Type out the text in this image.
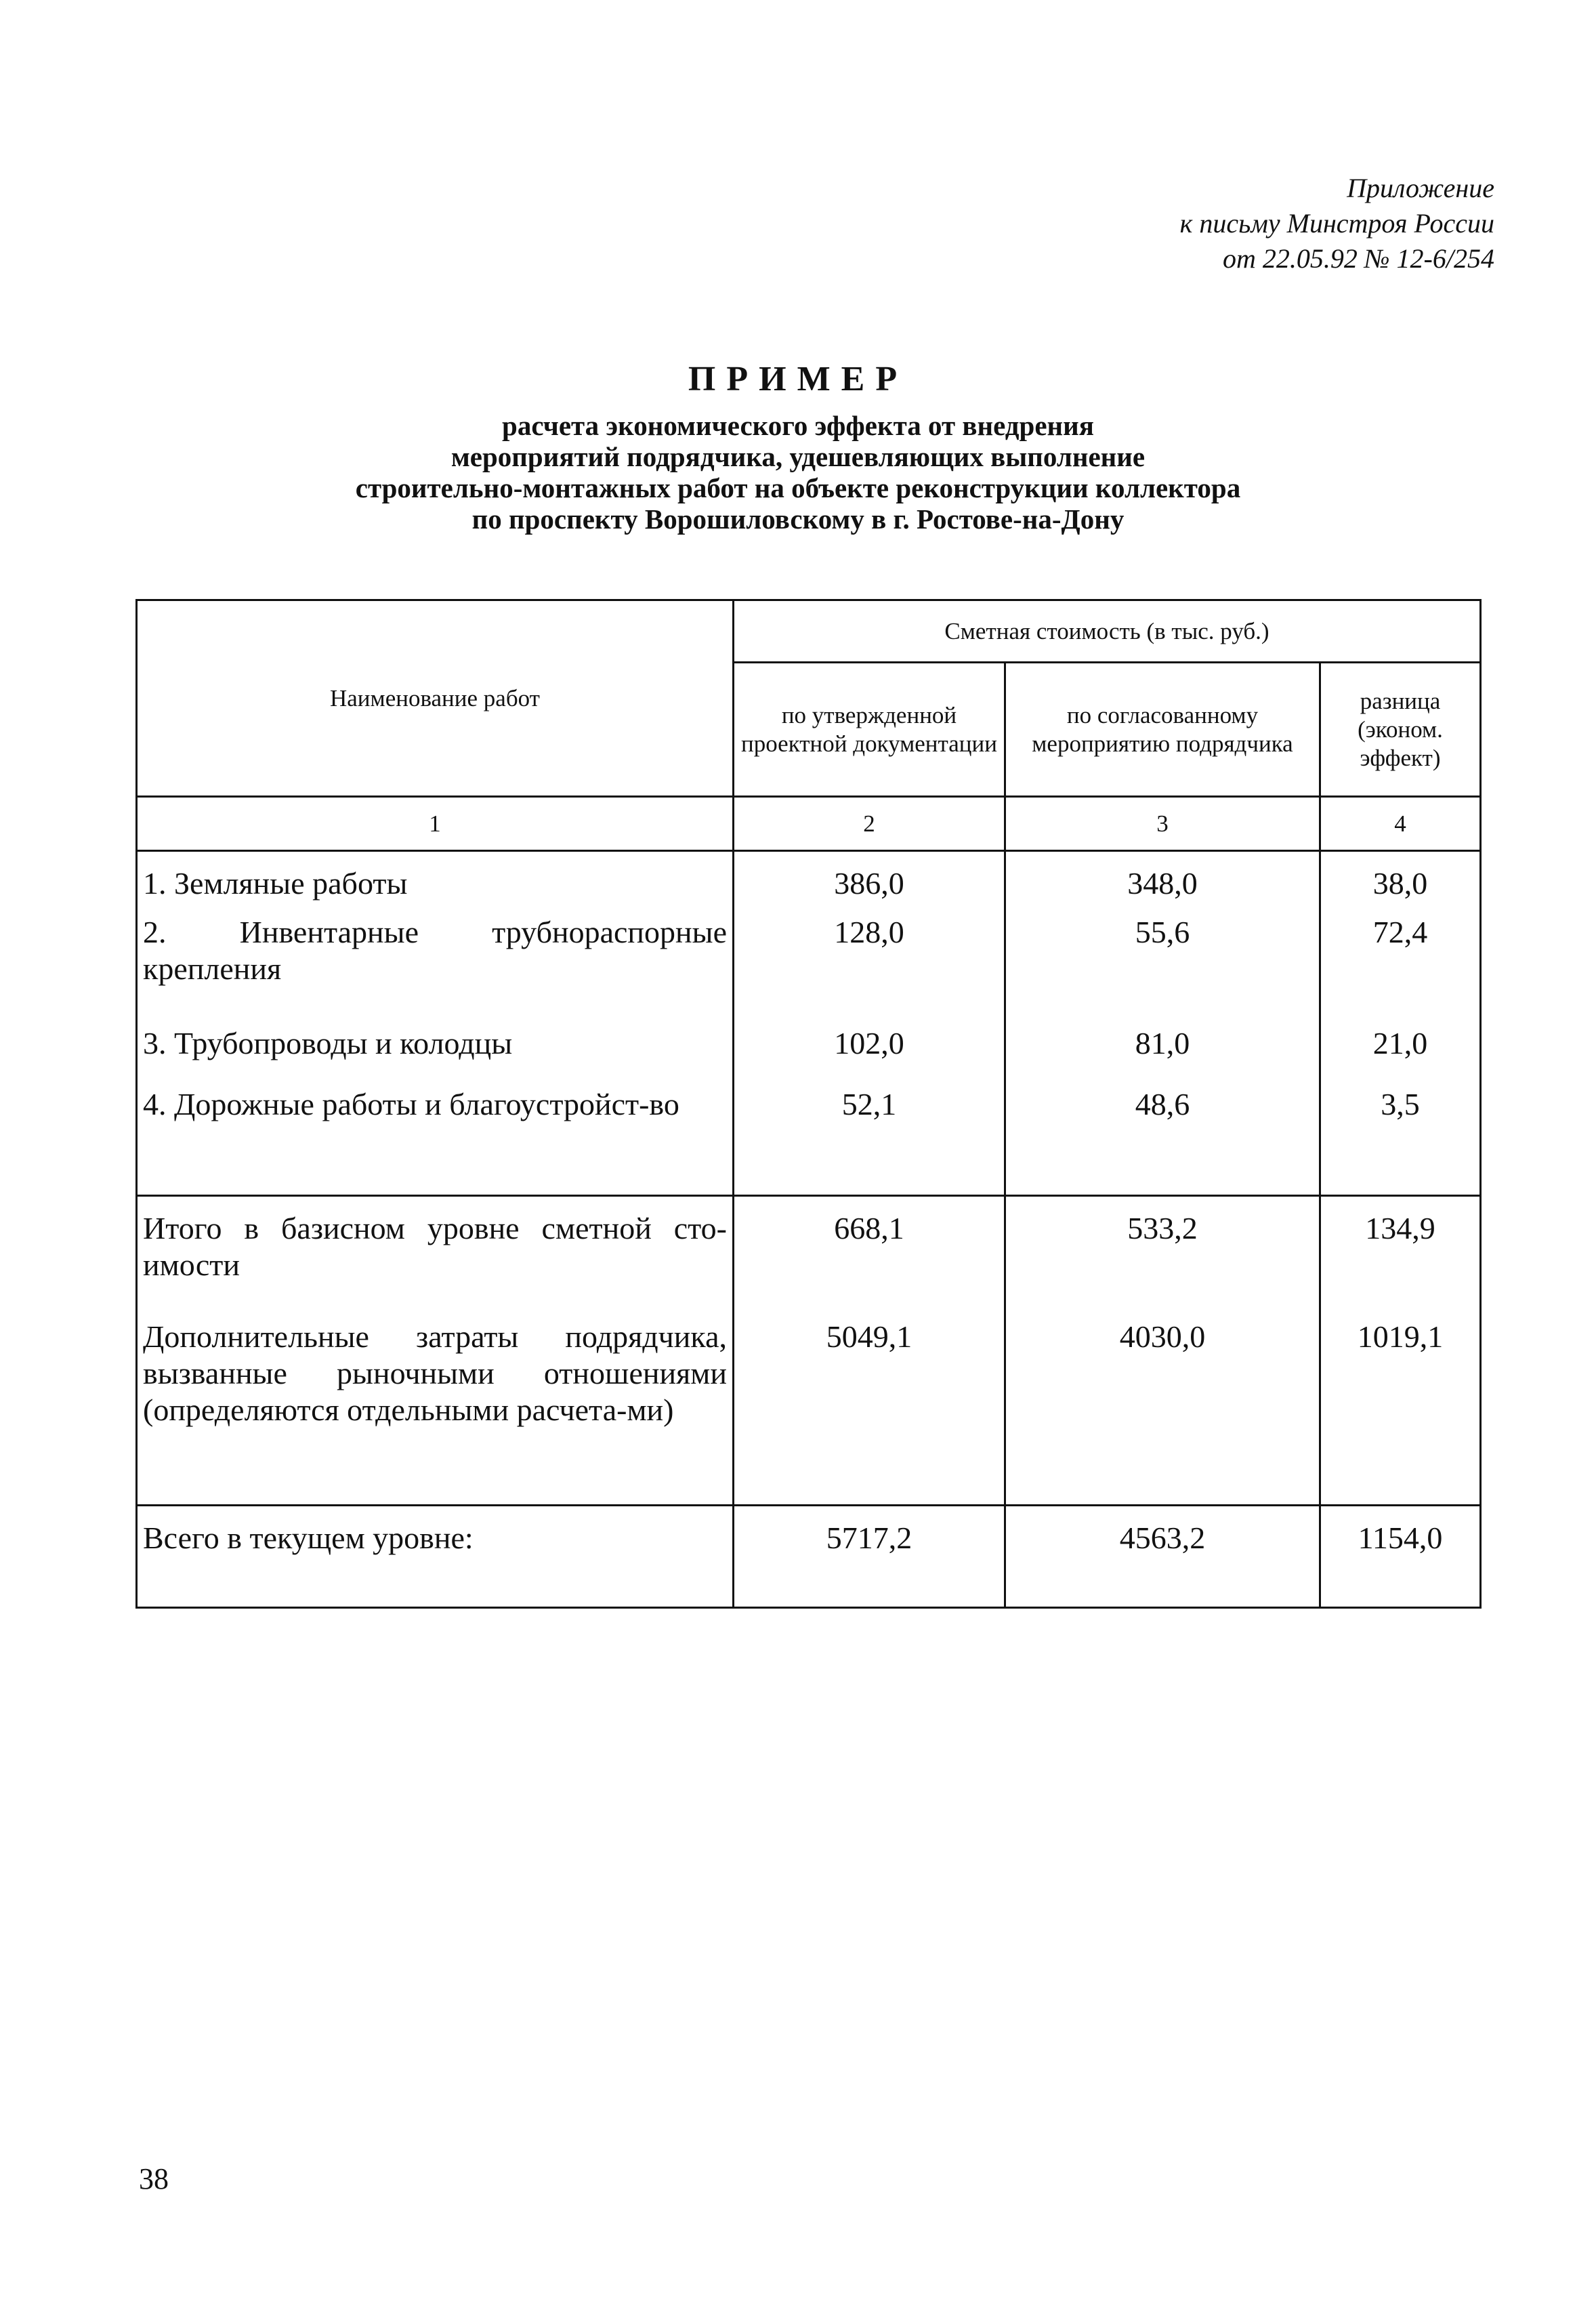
Приложение
к письму Минстроя России
от 22.05.92 № 12-6/254
ПРИМЕР
расчета экономического эффекта от внедрения
мероприятий подрядчика, удешевляющих выполнение
строительно-монтажных работ на объекте реконструкции коллектора
по проспекту Ворошиловскому в г. Ростове-на-Дону
Наименование работ	Сметная стоимость (в тыс. руб.)		
	по утвержденной проектной документации	по согласованному мероприятию подрядчика	разница (эконом. эффект)
1	2	3	4
1. Земляные работы	386,0	348,0	38,0
2. Инвентарные трубнораспорные крепления	128,0	55,6	72,4
3. Трубопроводы и колодцы	102,0	81,0	21,0
4. Дорожные работы и благоустройст-во	52,1	48,6	3,5
Итого в базисном уровне сметной сто-имости	668,1	533,2	134,9
Дополнительные затраты подрядчика, вызванные рыночными отношениями (определяются отдельными расчета-ми)	5049,1	4030,0	1019,1
Всего в текущем уровне:	5717,2	4563,2	1154,0
38
